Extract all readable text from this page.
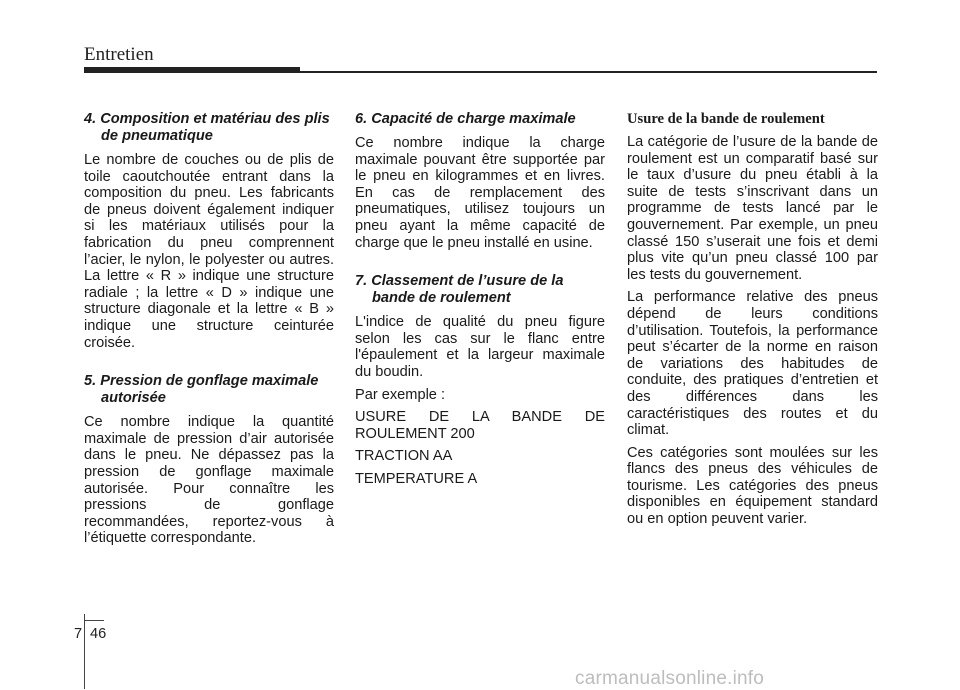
Entretien
4. Composition et matériau des plis de pneumatique

Le nombre de couches ou de plis de toile caoutchoutée entrant dans la composition du pneu. Les fabricants de pneus doivent également indiquer si les matériaux utilisés pour la fabrication du pneu comprennent l’acier, le nylon, le polyester ou autres. La lettre « R » indique une structure radiale ; la lettre « D » indique une structure diagonale et la lettre « B » indique une structure ceinturée croisée.

5. Pression de gonflage maximale autorisée

Ce nombre indique la quantité maximale de pression d’air autorisée dans le pneu. Ne dépassez pas la pression de gonflage maximale autorisée. Pour connaître les pressions de gonflage recommandées, reportez-vous à l’étiquette correspondante.

6. Capacité de charge maximale

Ce nombre indique la charge maximale pouvant être supportée par le pneu en kilogrammes et en livres. En cas de remplacement des pneumatiques, utilisez toujours un pneu ayant la même capacité de charge que le pneu installé en usine.

7. Classement de l’usure de la bande de roulement

L'indice de qualité du pneu figure selon les cas sur le flanc entre l'épaulement et la largeur maximale du boudin.

Par exemple :

USURE DE LA BANDE DE ROULEMENT 200

TRACTION AA

TEMPERATURE A

Usure de la bande de roulement

La catégorie de l’usure de la bande de roulement est un comparatif basé sur le taux d’usure du pneu établi à la suite de tests s’inscrivant dans un programme de tests lancé par le gouvernement. Par exemple, un pneu classé 150 s’userait une fois et demi plus vite qu’un pneu classé 100 par les tests du gouvernement.

La performance relative des pneus dépend de leurs conditions d’utilisation. Toutefois, la performance peut s’écarter de la norme en raison de variations des habitudes de conduite, des pratiques d’entretien et des différences dans les caractéristiques des routes et du climat.

Ces catégories sont moulées sur les flancs des pneus des véhicules de tourisme. Les catégories des pneus disponibles en équipement standard ou en option peuvent varier.

7 46
carmanualsonline.info
